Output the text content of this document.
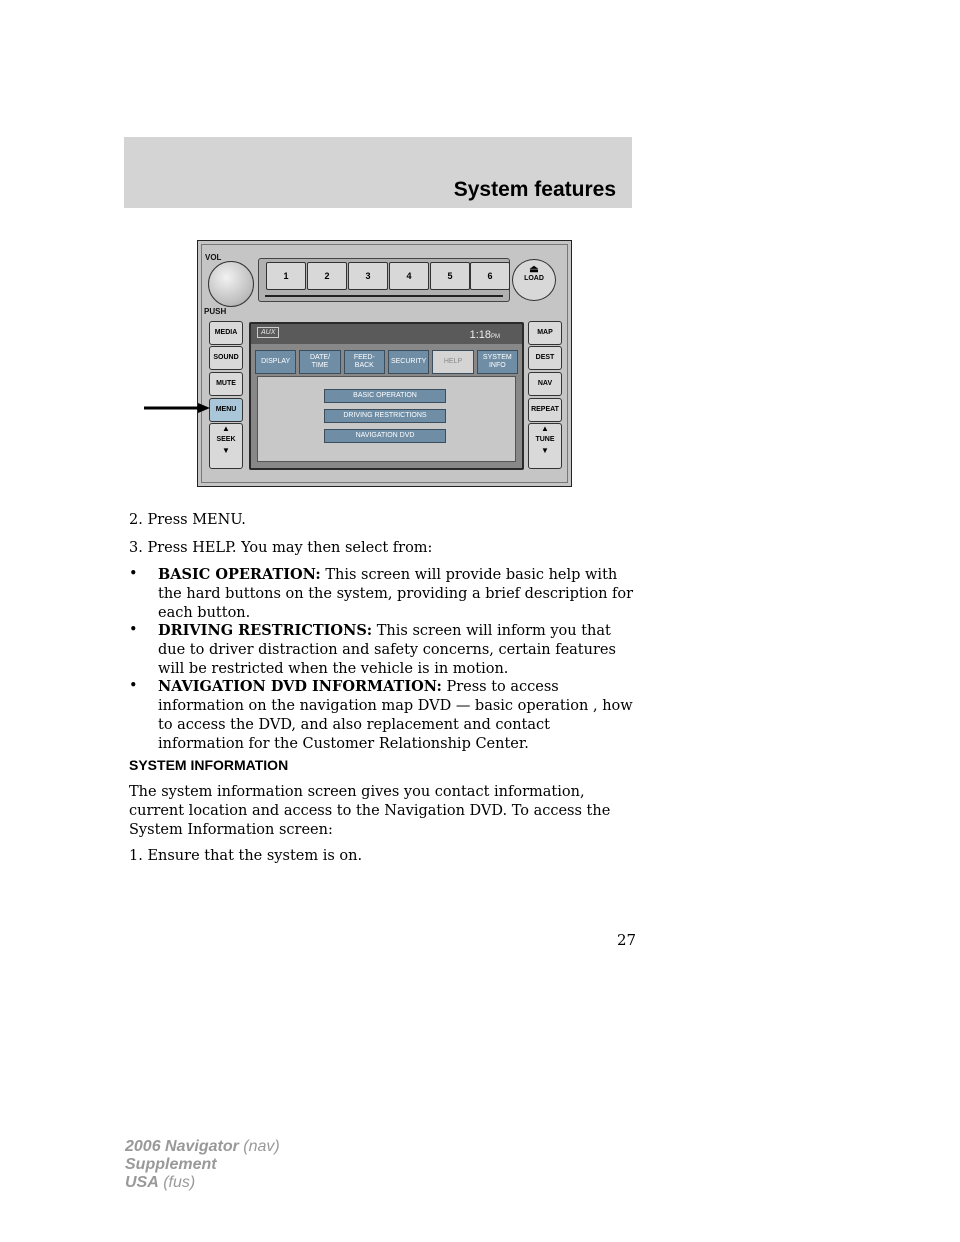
System features
VOL
PUSH
1	2	3	4	5	6
⏏
LOAD
MEDIA
SOUND
MUTE
MENU
▲
SEEK
▼
MAP
DEST
NAV
REPEAT
▲
TUNE
▼
AUX	1:18PM
DISPLAY
DATE/
TIME
FEED-
BACK
SECURITY	HELP
SYSTEM
INFO
BASIC OPERATION
DRIVING RESTRICTIONS
NAVIGATION DVD
2. Press MENU.
3. Press HELP. You may then select from:
• BASIC OPERATION: This screen will provide basic help with the hard buttons on the system, providing a brief description for each button.
• DRIVING RESTRICTIONS: This screen will inform you that due to driver distraction and safety concerns, certain features will be restricted when the vehicle is in motion.
• NAVIGATION DVD INFORMATION: Press to access information on the navigation map DVD — basic operation , how to access the DVD, and also replacement and contact information for the Customer Relationship Center.
SYSTEM INFORMATION
The system information screen gives you contact information, current location and access to the Navigation DVD. To access the System Information screen:
1. Ensure that the system is on.
27
2006 Navigator (nav)
Supplement
USA (fus)
